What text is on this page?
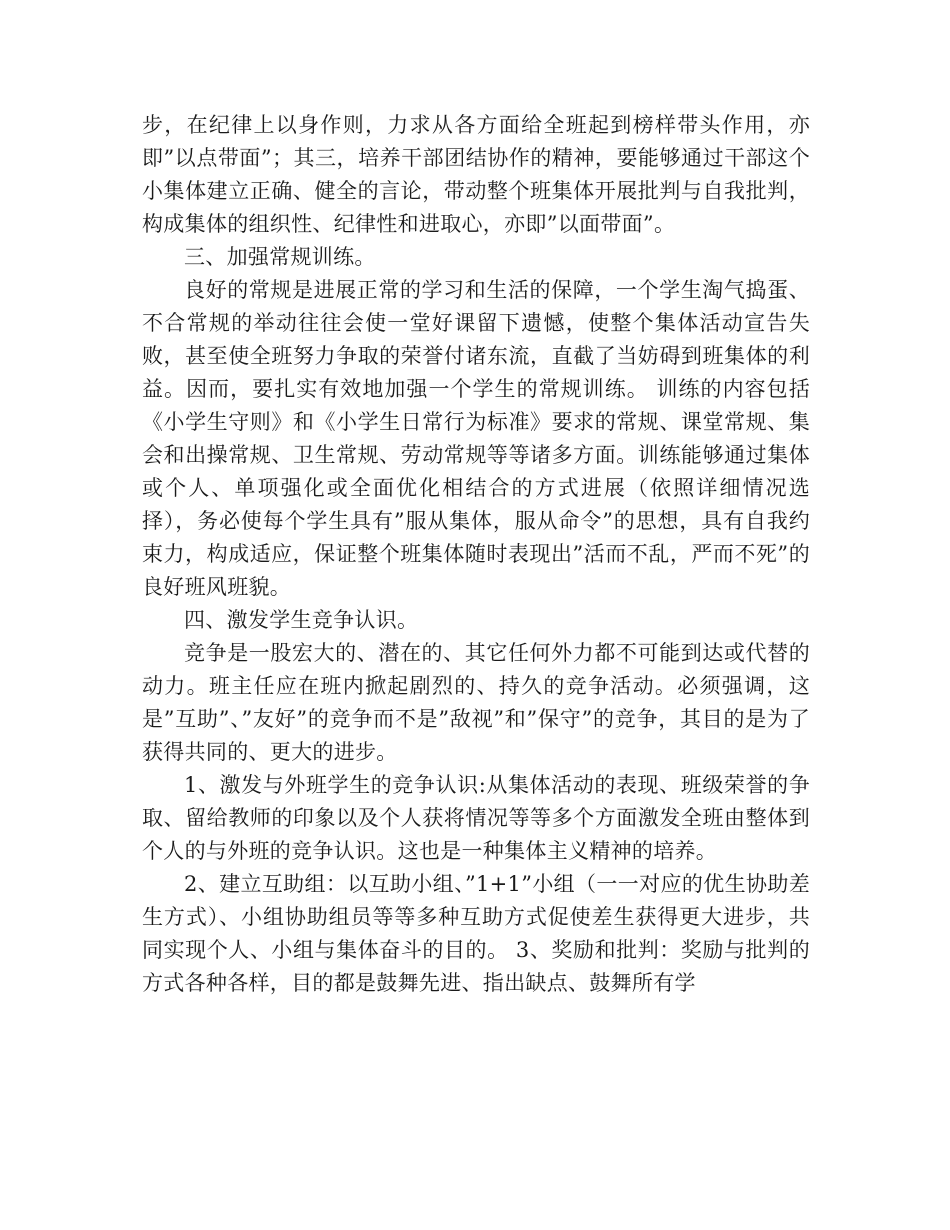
步，在纪律上以身作则，力求从各方面给全班起到榜样带头作用，亦即”以点带面”；其三，培养干部团结协作的精神，要能够通过干部这个小集体建立正确、健全的言论，带动整个班集体开展批判与自我批判，构成集体的组织性、纪律性和进取心，亦即”以面带面”。

三、加强常规训练。

良好的常规是进展正常的学习和生活的保障，一个学生淘气捣蛋、不合常规的举动往往会使一堂好课留下遗憾，使整个集体活动宣告失败，甚至使全班努力争取的荣誉付诸东流，直截了当妨碍到班集体的利益。因而，要扎实有效地加强一个学生的常规训练。 训练的内容包括《小学生守则》和《小学生日常行为标准》要求的常规、课堂常规、集会和出操常规、卫生常规、劳动常规等等诸多方面。训练能够通过集体或个人、单项强化或全面优化相结合的方式进展（依照详细情况选择），务必使每个学生具有”服从集体，服从命令”的思想，具有自我约束力，构成适应，保证整个班集体随时表现出”活而不乱，严而不死”的良好班风班貌。

四、激发学生竞争认识。

竞争是一股宏大的、潜在的、其它任何外力都不可能到达或代替的动力。班主任应在班内掀起剧烈的、持久的竞争活动。必须强调，这是”互助”、”友好”的竞争而不是”敌视”和”保守”的竞争，其目的是为了获得共同的、更大的进步。

1、激发与外班学生的竞争认识:从集体活动的表现、班级荣誉的争取、留给教师的印象以及个人获将情况等等多个方面激发全班由整体到个人的与外班的竞争认识。这也是一种集体主义精神的培养。

2、建立互助组：以互助小组、”1+1”小组（一一对应的优生协助差生方式）、小组协助组员等等多种互助方式促使差生获得更大进步，共同实现个人、小组与集体奋斗的目的。 3、奖励和批判：奖励与批判的方式各种各样，目的都是鼓舞先进、指出缺点、鼓舞所有学
